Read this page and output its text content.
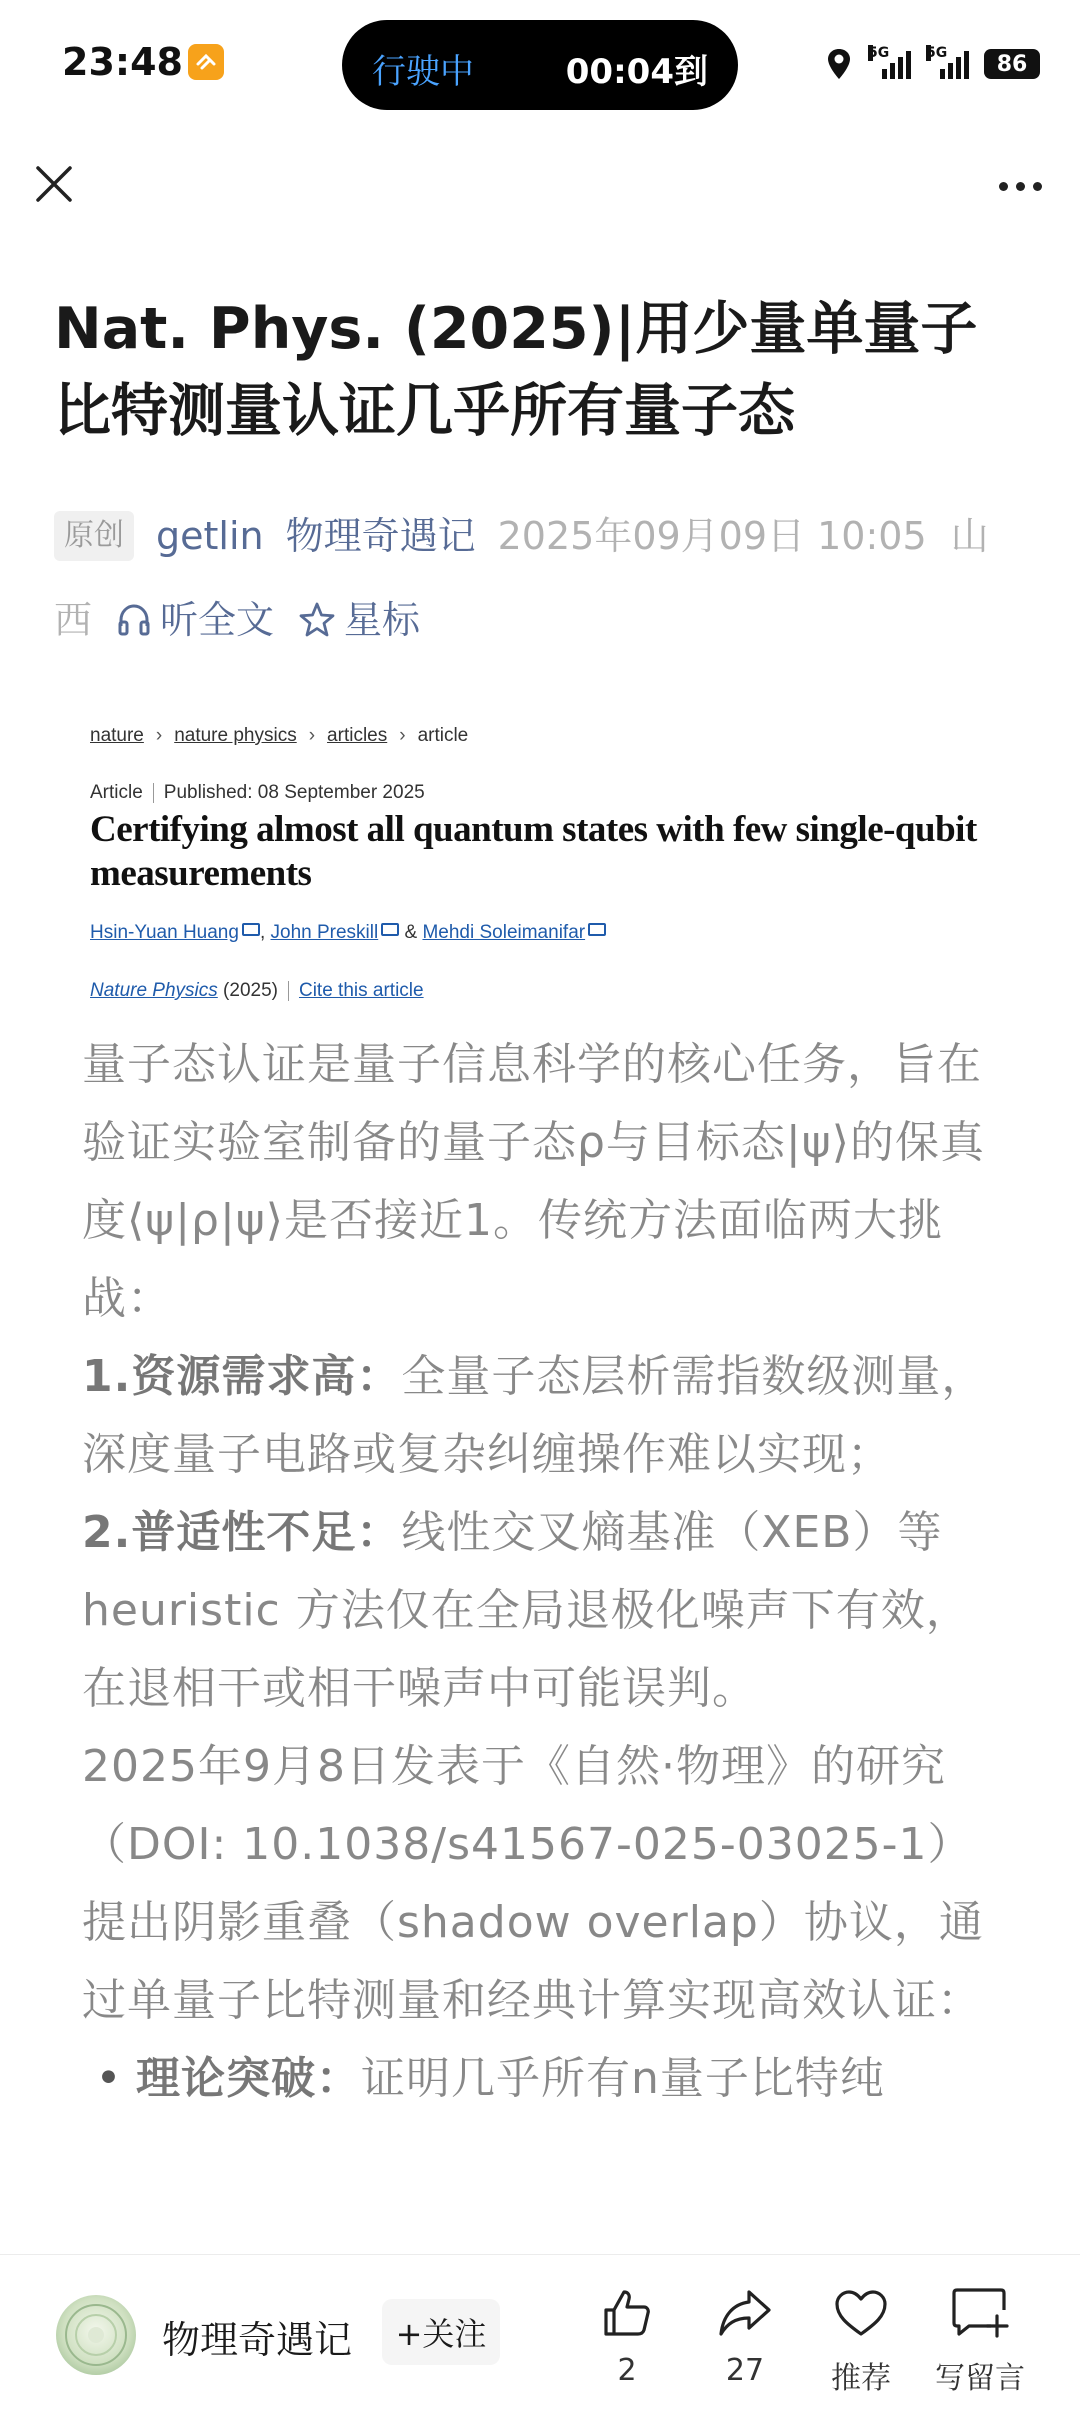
23:48	行驶中	00:04到	5G	5G	86
Nat. Phys. (2025)|用少量单量子比特测量认证几乎所有量子态
原创 getlin 物理奇遇记 2025年09月09日 10:05 山西 听全文 星标
nature › nature physics › articles › article
Article Published: 08 September 2025
Certifying almost all quantum states with few single-qubit measurements
Hsin-Yuan Huang , John Preskill & Mehdi Soleimanifar
Nature Physics (2025) Cite this article

量子态认证是量子信息科学的核心任务，旨在验证实验室制备的量子态ρ与目标态|ψ⟩的保真度⟨ψ|ρ|ψ⟩是否接近1。传统方法面临两大挑战：

1.资源需求高：全量子态层析需指数级测量，深度量子电路或复杂纠缠操作难以实现；

2.普适性不足：线性交叉熵基准（XEB）等 heuristic 方法仅在全局退极化噪声下有效，在退相干或相干噪声中可能误判。

2025年9月8日发表于《自然·物理》的研究（DOI: 10.1038/s41567-025-03025-1）提出阴影重叠（shadow overlap）协议，通过单量子比特测量和经典计算实现高效认证：

• 理论突破：证明几乎所有n量子比特纯

物理奇遇记	+关注
2	27	推荐	写留言
